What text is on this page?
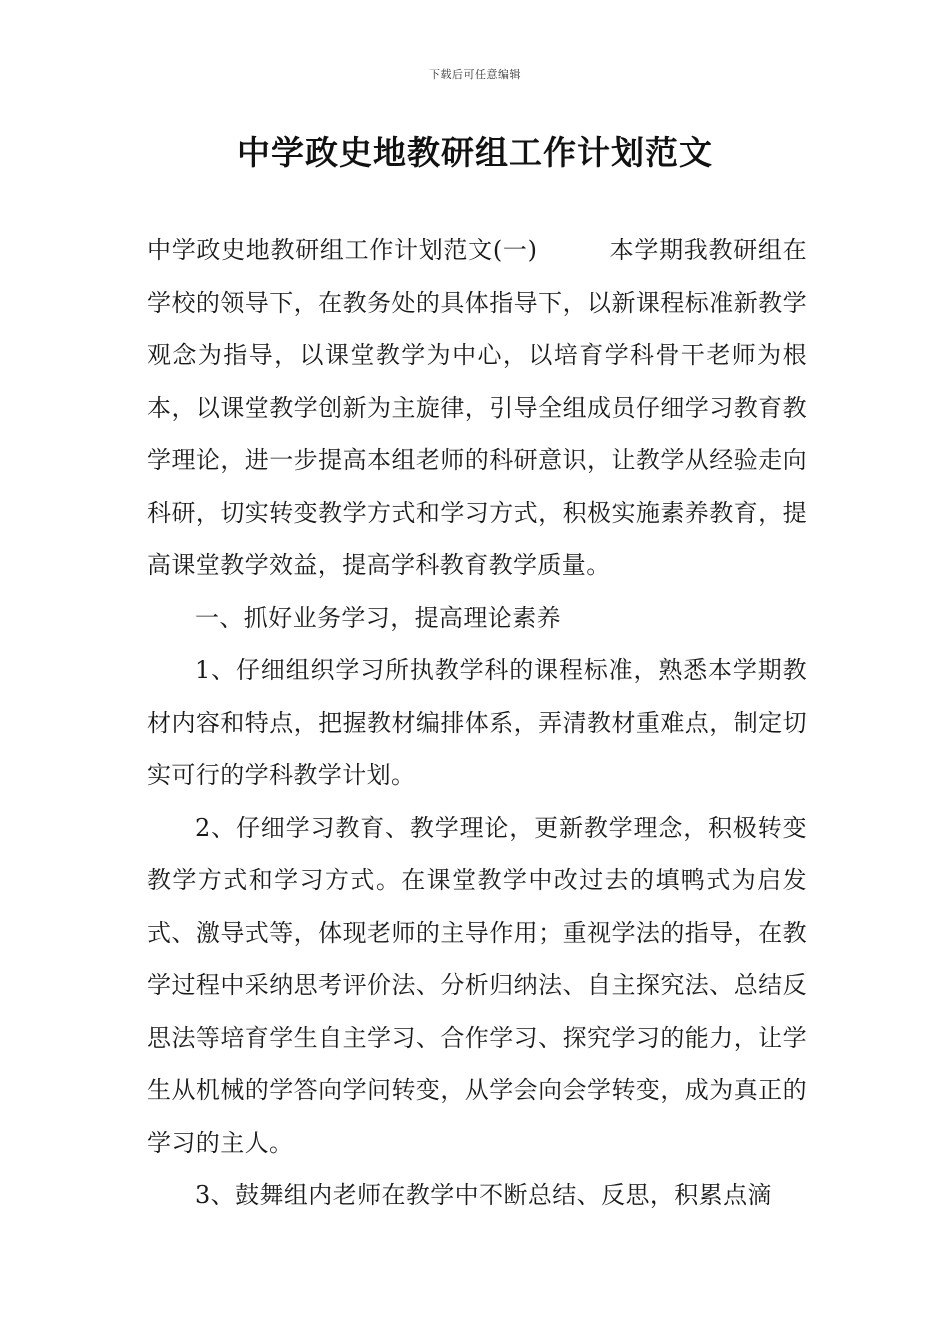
下载后可任意编辑
中学政史地教研组工作计划范文

中学政史地教研组工作计划范文(一)	本学期我教研组在学校的领导下，在教务处的具体指导下，以新课程标准新教学观念为指导，以课堂教学为中心，以培育学科骨干老师为根本，以课堂教学创新为主旋律，引导全组成员仔细学习教育教学理论，进一步提高本组老师的科研意识，让教学从经验走向科研，切实转变教学方式和学习方式，积极实施素养教育，提高课堂教学效益，提高学科教育教学质量。

一、抓好业务学习，提高理论素养

1、仔细组织学习所执教学科的课程标准，熟悉本学期教材内容和特点，把握教材编排体系，弄清教材重难点，制定切实可行的学科教学计划。

2、仔细学习教育、教学理论，更新教学理念，积极转变教学方式和学习方式。在课堂教学中改过去的填鸭式为启发式、激导式等，体现老师的主导作用；重视学法的指导，在教学过程中采纳思考评价法、分析归纳法、自主探究法、总结反思法等培育学生自主学习、合作学习、探究学习的能力，让学生从机械的学答向学问转变，从学会向会学转变，成为真正的学习的主人。

3、鼓舞组内老师在教学中不断总结、反思，积累点滴
